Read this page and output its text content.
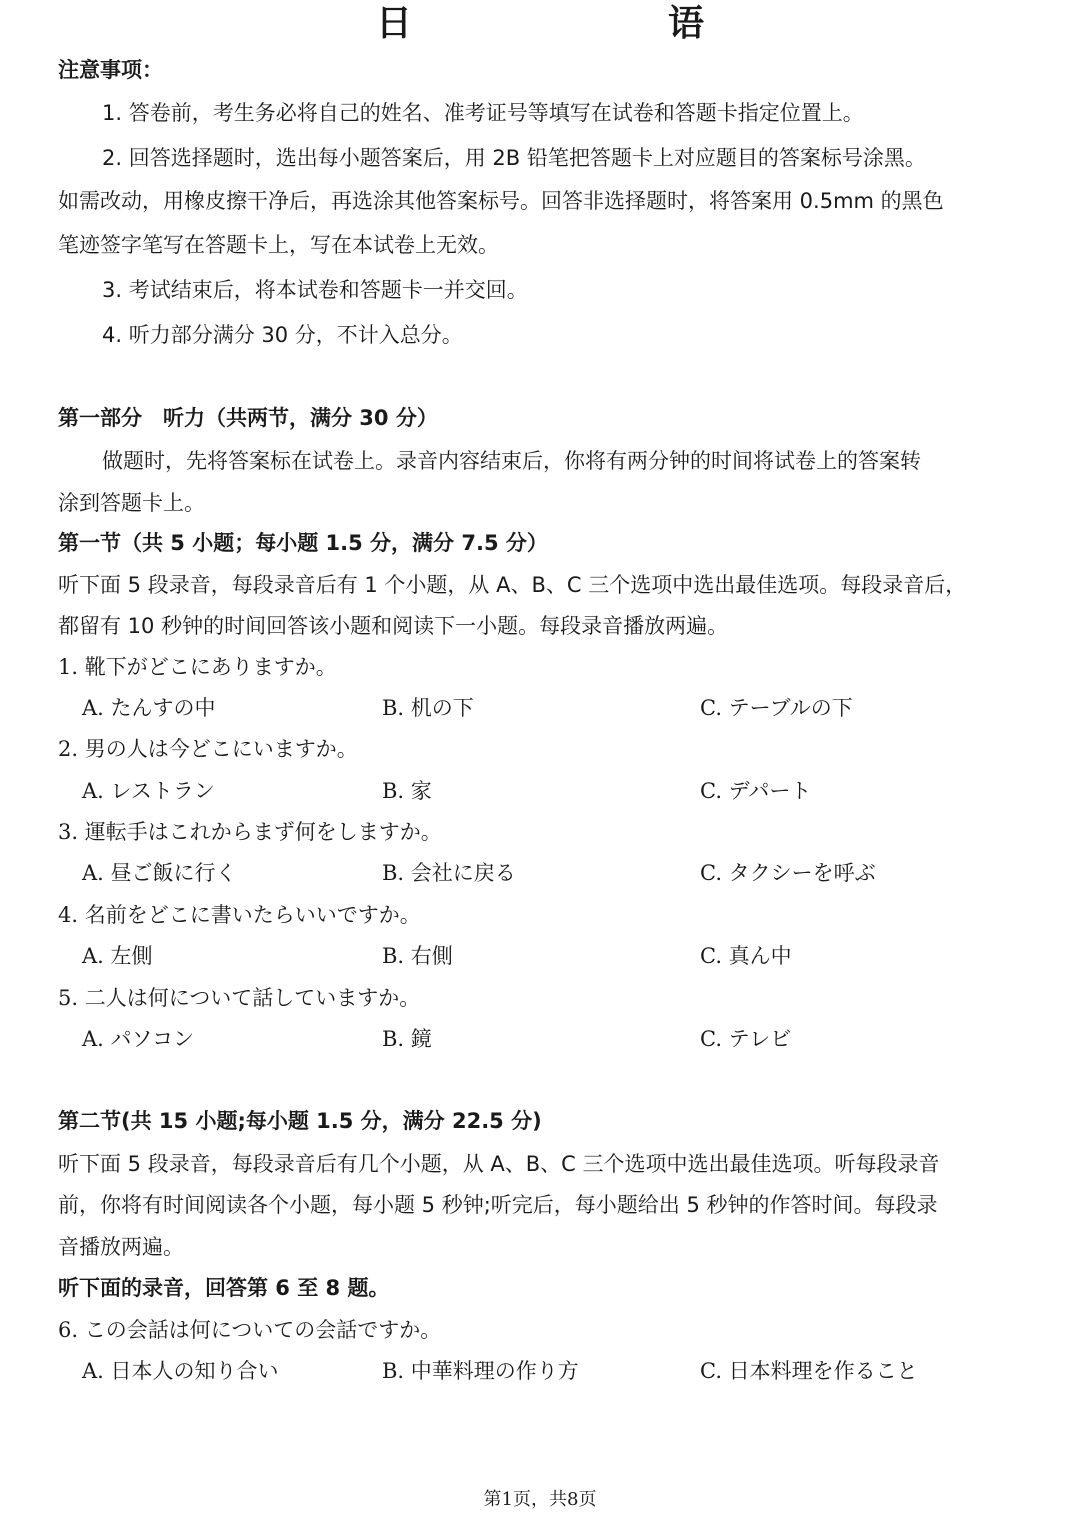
日　语
注意事项：
1. 答卷前，考生务必将自己的姓名、准考证号等填写在试卷和答题卡指定位置上。
2. 回答选择题时，选出每小题答案后，用 2B 铅笔把答题卡上对应题目的答案标号涂黑。
如需改动，用橡皮擦干净后，再选涂其他答案标号。回答非选择题时，将答案用 0.5mm 的黑色
笔迹签字笔写在答题卡上，写在本试卷上无效。
3. 考试结束后，将本试卷和答题卡一并交回。
4. 听力部分满分 30 分，不计入总分。
第一部分　听力（共两节，满分 30 分）
做题时，先将答案标在试卷上。录音内容结束后，你将有两分钟的时间将试卷上的答案转
涂到答题卡上。
第一节（共 5 小题；每小题 1.5 分，满分 7.5 分）
听下面 5 段录音，每段录音后有 1 个小题，从 A、B、C 三个选项中选出最佳选项。每段录音后，
都留有 10 秒钟的时间回答该小题和阅读下一小题。每段录音播放两遍。
1. 靴下がどこにありますか。
A. たんすの中	B. 机の下	C. テーブルの下
2. 男の人は今どこにいますか。
A. レストラン	B. 家	C. デパート
3. 運転手はこれからまず何をしますか。
A. 昼ご飯に行く	B. 会社に戻る	C. タクシーを呼ぶ
4. 名前をどこに書いたらいいですか。
A. 左側	B. 右側	C. 真ん中
5. 二人は何について話していますか。
A. パソコン	B. 鏡	C. テレビ
第二节(共 15 小题;每小题 1.5 分，满分 22.5 分)
听下面 5 段录音，每段录音后有几个小题，从 A、B、C 三个选项中选出最佳选项。听每段录音
前，你将有时间阅读各个小题，每小题 5 秒钟;听完后，每小题给出 5 秒钟的作答时间。每段录
音播放两遍。
听下面的录音，回答第 6 至 8 题。
6. この会話は何についての会話ですか。
A. 日本人の知り合い	B. 中華料理の作り方	C. 日本料理を作ること
第1页，共8页
